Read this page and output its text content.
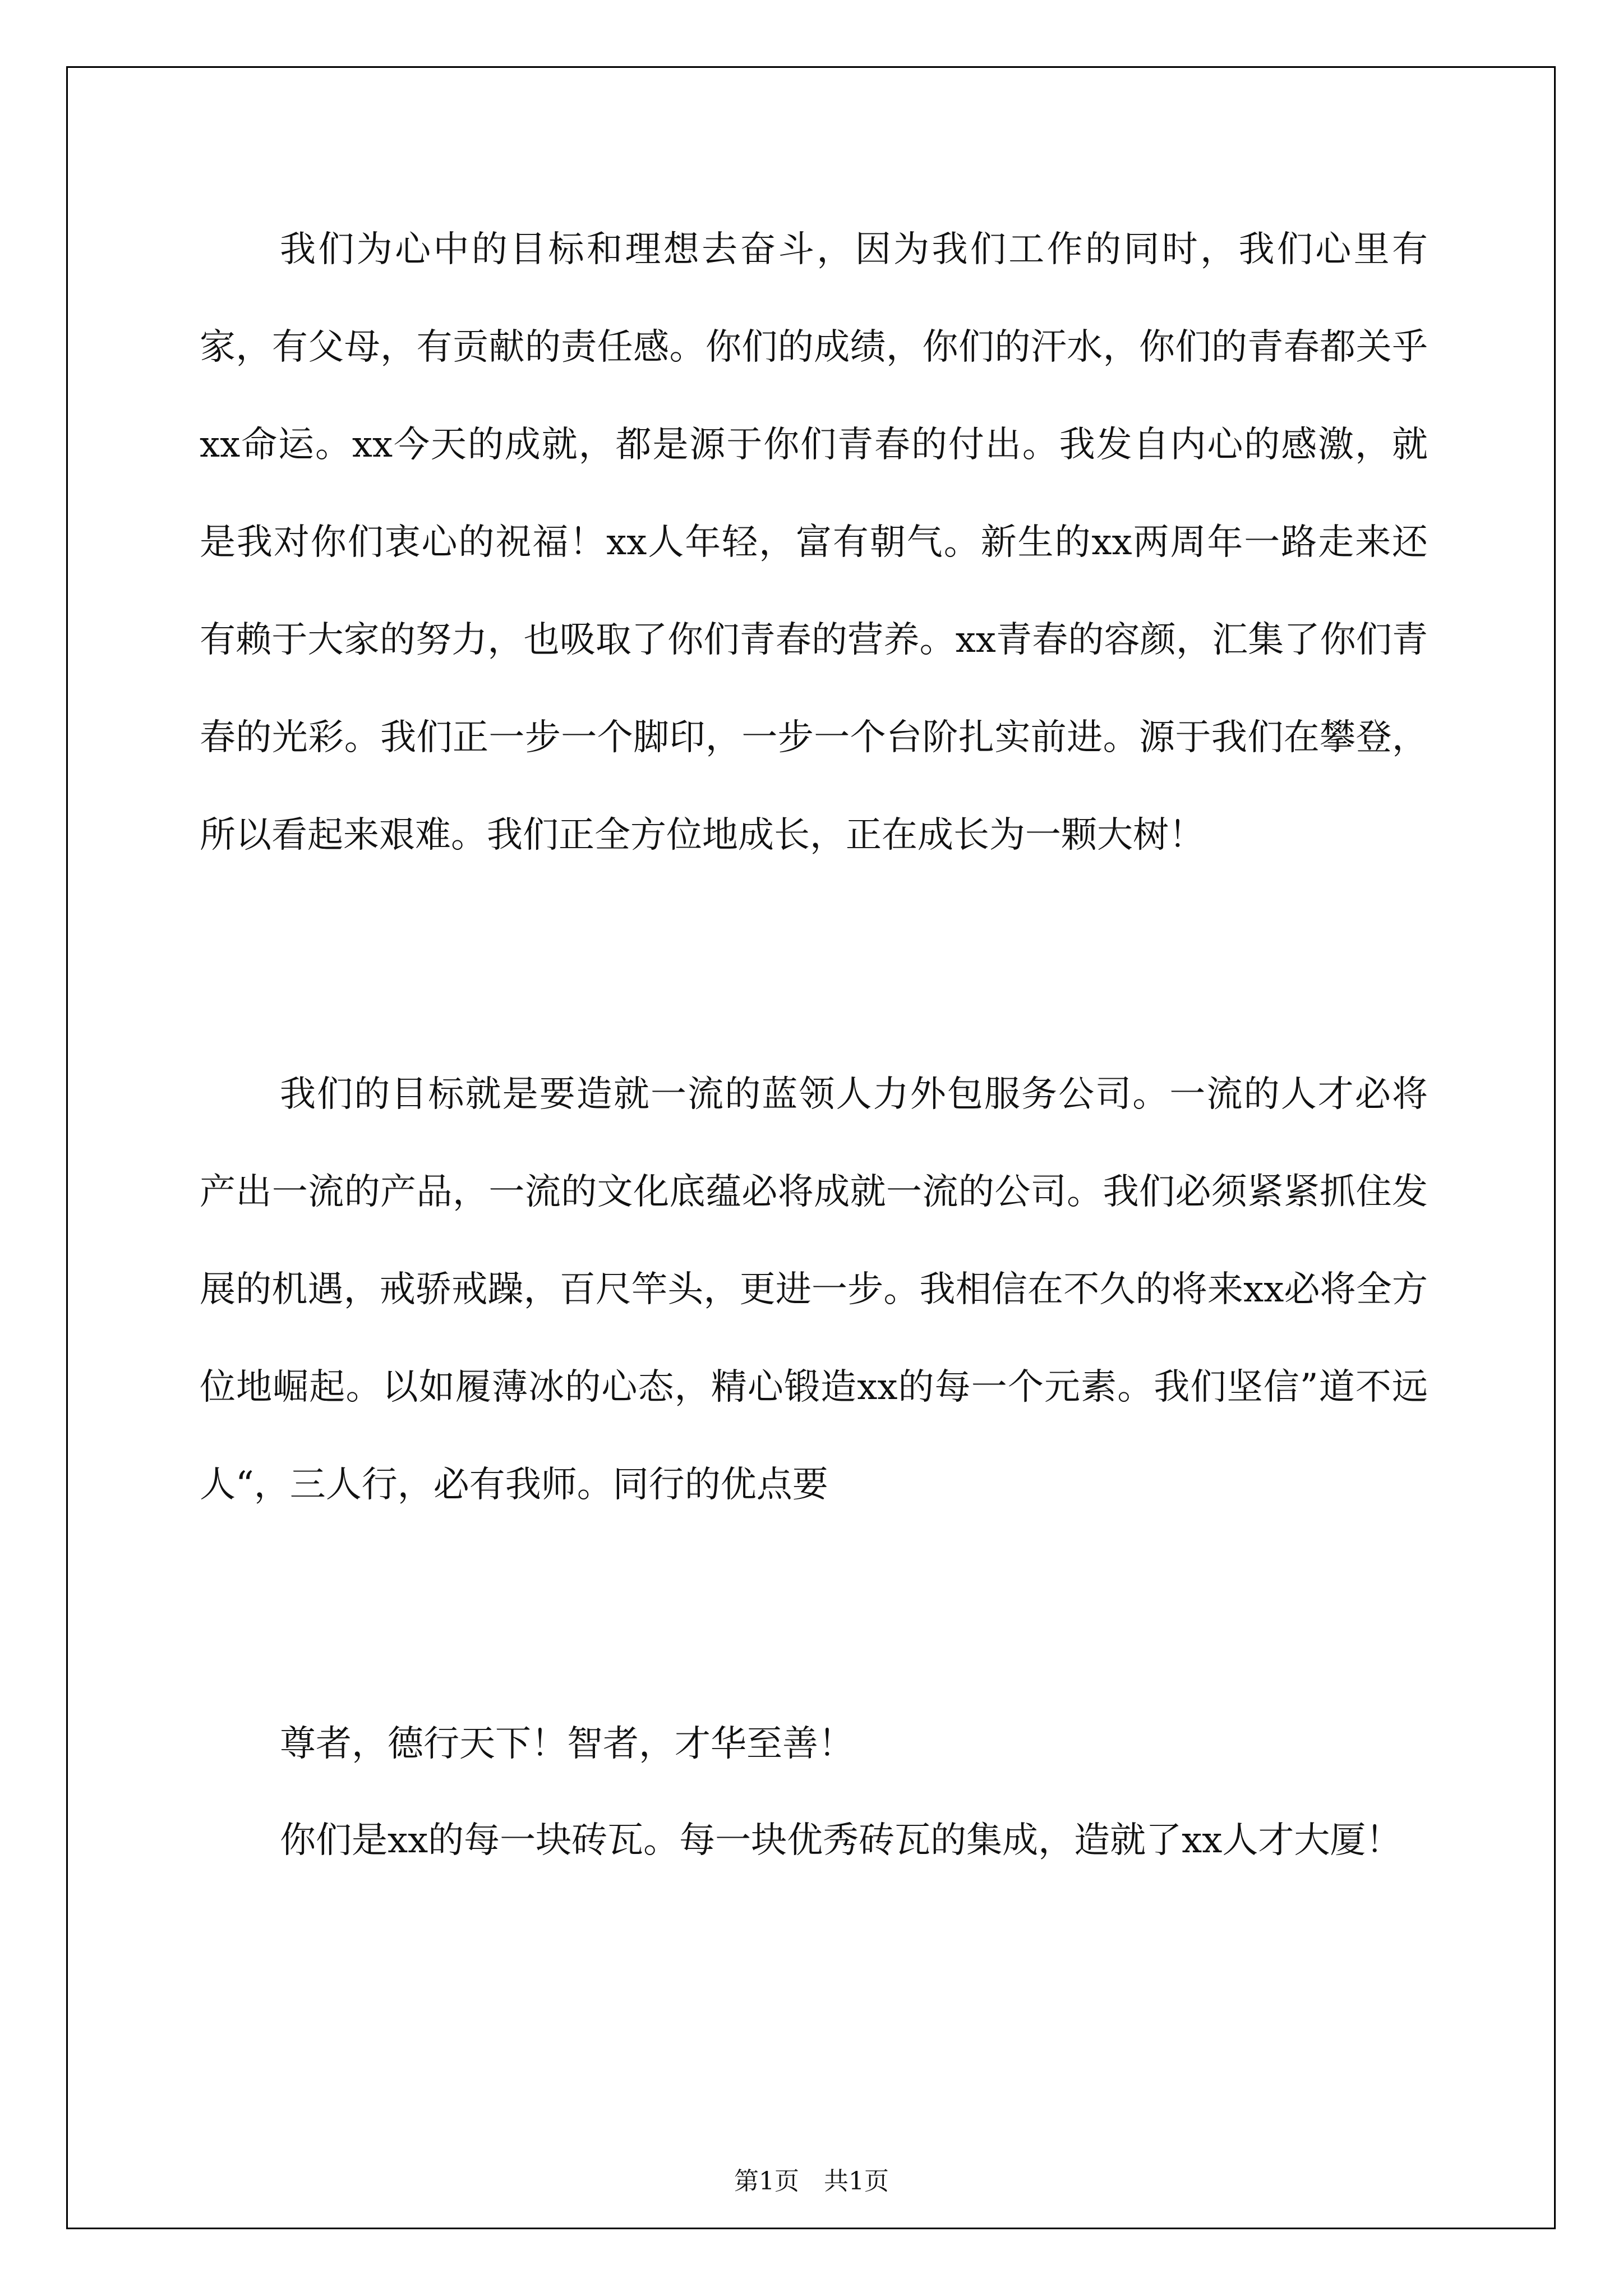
我们为心中的目标和理想去奋斗，因为我们工作的同时，我们心里有家，有父母，有贡献的责任感。你们的成绩，你们的汗水，你们的青春都关乎xx命运。xx今天的成就，都是源于你们青春的付出。我发自内心的感激，就是我对你们衷心的祝福！xx人年轻，富有朝气。新生的xx两周年一路走来还有赖于大家的努力，也吸取了你们青春的营养。xx青春的容颜，汇集了你们青春的光彩。我们正一步一个脚印，一步一个台阶扎实前进。源于我们在攀登，所以看起来艰难。我们正全方位地成长，正在成长为一颗大树！

我们的目标就是要造就一流的蓝领人力外包服务公司。一流的人才必将产出一流的产品，一流的文化底蕴必将成就一流的公司。我们必须紧紧抓住发展的机遇，戒骄戒躁，百尺竿头，更进一步。我相信在不久的将来xx必将全方位地崛起。以如履薄冰的心态，精心锻造xx的每一个元素。我们坚信”道不远人“，三人行，必有我师。同行的优点要

尊者，德行天下！智者，才华至善！

你们是xx的每一块砖瓦。每一块优秀砖瓦的集成，造就了xx人才大厦！

第1页　共1页
